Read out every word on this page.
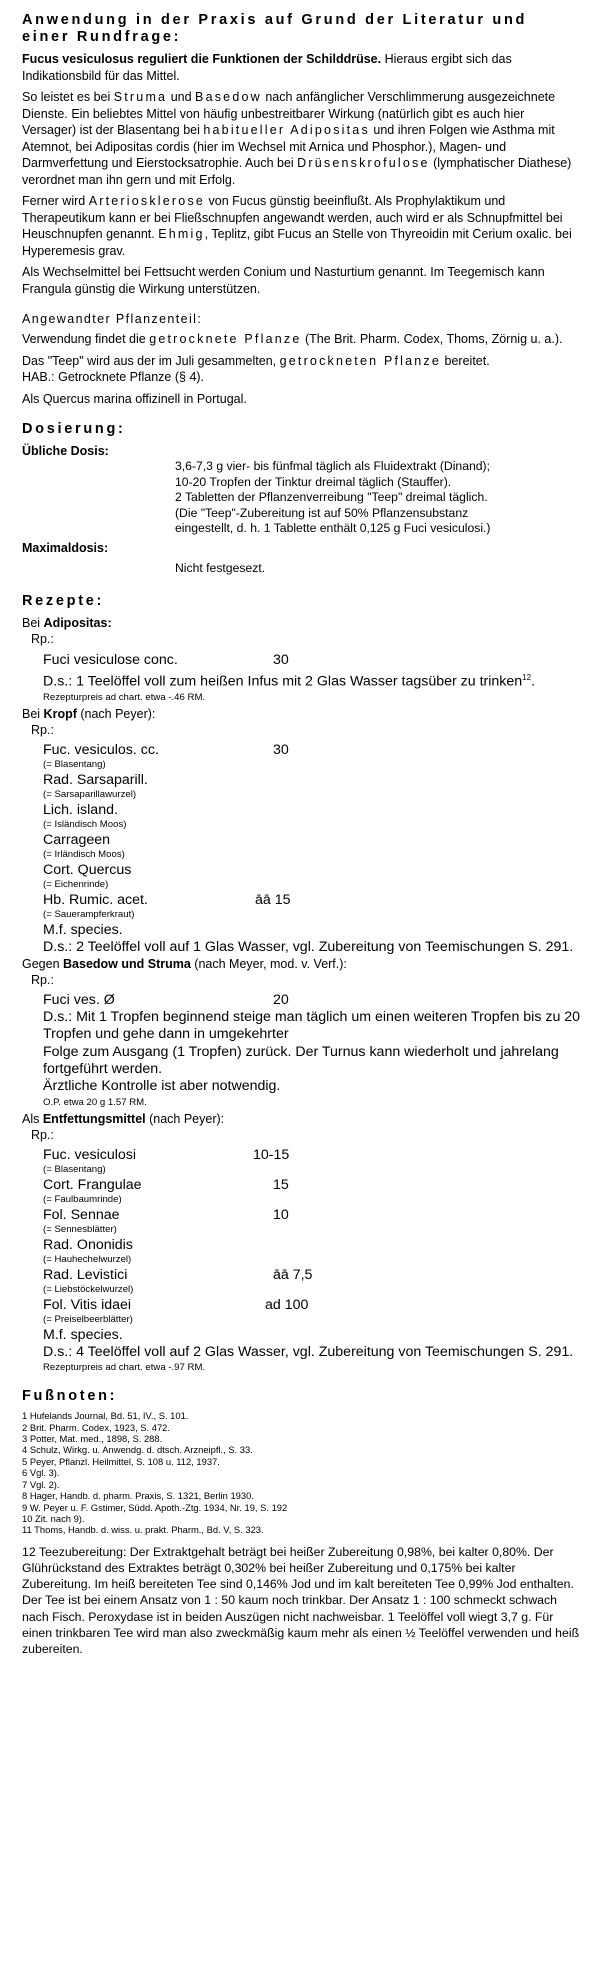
Anwendung in der Praxis auf Grund der Literatur und einer Rundfrage:

Fucus vesiculosus reguliert die Funktionen der Schilddrüse. Hieraus ergibt sich das Indikationsbild für das Mittel.

So leistet es bei Struma und Basedow nach anfänglicher Verschlimmerung ausgezeichnete Dienste. Ein beliebtes Mittel von häufig unbestreitbarer Wirkung (natürlich gibt es auch hier Versager) ist der Blasentang bei habitueller Adipositas und ihren Folgen wie Asthma mit Atemnot, bei Adipositas cordis (hier im Wechsel mit Arnica und Phosphor.), Magen- und Darmverfettung und Eierstocksatrophie. Auch bei Drüsenskrofulose (lymphatischer Diathese) verordnet man ihn gern und mit Erfolg.

Ferner wird Arteriosklerose von Fucus günstig beeinflußt. Als Prophylaktikum und Therapeutikum kann er bei Fließschnupfen angewandt werden, auch wird er als Schnupfmittel bei Heuschnupfen genannt. Ehmig, Teplitz, gibt Fucus an Stelle von Thyreoidin mit Cerium oxalic. bei Hyperemesis grav.

Als Wechselmittel bei Fettsucht werden Conium und Nasturtium genannt. Im Teegemisch kann Frangula günstig die Wirkung unterstützen.

Angewandter Pflanzenteil:

Verwendung findet die getrocknete Pflanze (The Brit. Pharm. Codex, Thoms, Zörnig u. a.).

Das "Teep" wird aus der im Juli gesammelten, getrockneten Pflanze bereitet.

HAB.: Getrocknete Pflanze (§ 4).

Als Quercus marina offizinell in Portugal.

Dosierung:
Übliche Dosis:
3,6-7,3 g vier- bis fünfmal täglich als Fluidextrakt (Dinand);
10-20 Tropfen der Tinktur dreimal täglich (Stauffer).
2 Tabletten der Pflanzenverreibung "Teep" dreimal täglich.
(Die "Teep"-Zubereitung ist auf 50% Pflanzensubstanz
eingestellt, d. h. 1 Tablette enthält 0,125 g Fuci vesiculosi.)
Maximaldosis:
Nicht festgesezt.
Rezepte:
Bei Adipositas:
Rp.:
Fuci vesiculose conc.	30
D.s.: 1 Teelöffel voll zum heißen Infus mit 2 Glas Wasser tagsüber zu trinken$^{12}$.
Rezepturpreis ad chart. etwa -.46 RM.
Bei Kropf (nach Peyer):
Rp.:
Fuc. vesiculos. cc.	30
(= Blasentang)
Rad. Sarsaparill.
(= Sarsaparillawurzel)
Lich. island.
(= Isländisch Moos)
Carrageen
(= Irländisch Moos)
Cort. Quercus
(= Eichenrinde)
Hb. Rumic. acet.	āā 15
(= Sauerampferkraut)
M.f. species.
D.s.: 2 Teelöffel voll auf 1 Glas Wasser, vgl. Zubereitung von Teemischungen S. 291.
Gegen Basedow und Struma (nach Meyer, mod. v. Verf.):
Rp.:
Fuci ves. Ø	20
D.s.: Mit 1 Tropfen beginnend steige man täglich um einen weiteren Tropfen bis zu 20 Tropfen und gehe dann in umgekehrter
Folge zum Ausgang (1 Tropfen) zurück. Der Turnus kann wiederholt und jahrelang fortgeführt werden.
Ärztliche Kontrolle ist aber notwendig.
O.P. etwa 20 g 1.57 RM.
Als Entfettungsmittel (nach Peyer):
Rp.:
Fuc. vesiculosi	10-15
(= Blasentang)
Cort. Frangulae	15
(= Faulbaumrinde)
Fol. Sennae	10
(= Sennesblätter)
Rad. Ononidis
(= Hauhechelwurzel)
Rad. Levistici	āā 7,5
(= Liebstöckelwurzel)
Fol. Vitis idaei	ad 100
(= Preiselbeerblätter)
M.f. species.
D.s.: 4 Teelöffel voll auf 2 Glas Wasser, vgl. Zubereitung von Teemischungen S. 291.
Rezepturpreis ad chart. etwa -.97 RM.
Fußnoten:
1 Hufelands Journal, Bd. 51, IV., S. 101.
2 Brit. Pharm. Codex, 1923, S. 472.
3 Potter, Mat. med., 1898, S. 288.
4 Schulz, Wirkg. u. Anwendg. d. dtsch. Arzneipfl., S. 33.
5 Peyer, Pflanzl. Heilmittel, S. 108 u. 112, 1937.
6 Vgl. 3).
7 Vgl. 2).
8 Hager, Handb. d. pharm. Praxis, S. 1321, Berlin 1930.
9 W. Peyer u. F. Gstimer, Südd. Apoth.-Ztg. 1934, Nr. 19, S. 192
10 Zit. nach 9).
11 Thoms, Handb. d. wiss. u. prakt. Pharm., Bd. V, S. 323.

12 Teezubereitung: Der Extraktgehalt beträgt bei heißer Zubereitung 0,98%, bei kalter 0,80%. Der Glührückstand des Extraktes beträgt 0,302% bei heißer Zubereitung und 0,175% bei kalter Zubereitung. Im heiß bereiteten Tee sind 0,146% Jod und im kalt bereiteten Tee 0,99% Jod enthalten. Der Tee ist bei einem Ansatz von 1 : 50 kaum noch trinkbar. Der Ansatz 1 : 100 schmeckt schwach nach Fisch. Peroxydase ist in beiden Auszügen nicht nachweisbar. 1 Teelöffel voll wiegt 3,7 g. Für einen trinkbaren Tee wird man also zweckmäßig kaum mehr als einen ½ Teelöffel verwenden und heiß zubereiten.
